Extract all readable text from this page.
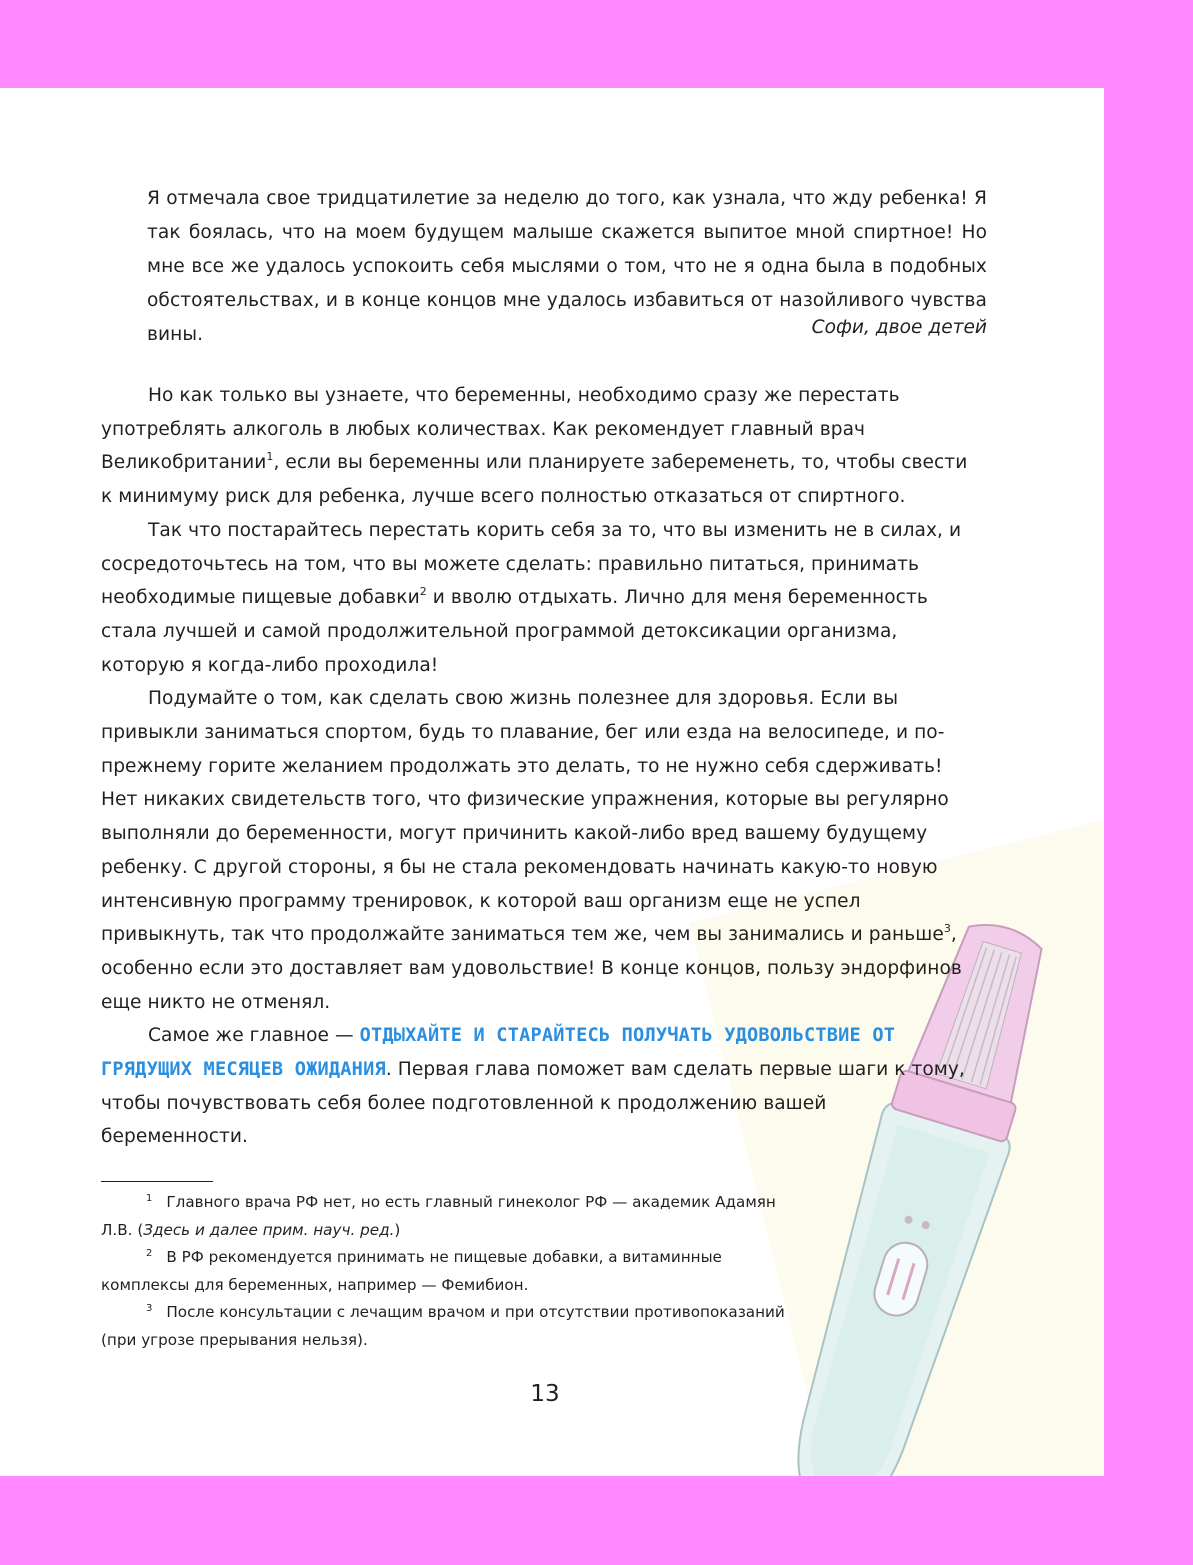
Я отмечала свое тридцатилетие за неделю до того, как узнала, что жду ребенка! Я так боялась, что на моем будущем малыше скажется выпитое мной спиртное! Но мне все же удалось успокоить себя мыслями о том, что не я одна была в подобных обстоятельствах, и в конце концов мне удалось избавиться от назойливого чувства вины.	Софи, двое детей

Но как только вы узнаете, что беременны, необходимо сразу же перестать употреблять алкоголь в любых количествах. Как рекомендует главный врач Великобритании$^1$, если вы беременны или планируете забеременеть, то, чтобы свести к минимуму риск для ребенка, лучше всего полностью отказаться от спиртного.

Так что постарайтесь перестать корить себя за то, что вы изменить не в силах, и сосредоточьтесь на том, что вы можете сделать: правильно питаться, принимать необходимые пищевые добавки$^2$ и вволю отдыхать. Лично для меня беременность стала лучшей и самой продолжительной программой детоксикации организма, которую я когда-либо проходила!

Подумайте о том, как сделать свою жизнь полезнее для здоровья. Если вы привыкли заниматься спортом, будь то плавание, бег или езда на велосипеде, и по-прежнему горите желанием продолжать это делать, то не нужно себя сдерживать! Нет никаких свидетельств того, что физические упражнения, которые вы регулярно выполняли до беременности, могут причинить какой-либо вред вашему будущему ребенку. С другой стороны, я бы не стала рекомендовать начинать какую-то новую интенсивную программу тренировок, к которой ваш организм еще не успел привыкнуть, так что продолжайте заниматься тем же, чем вы занимались и раньше$^3$, особенно если это доставляет вам удовольствие! В конце концов, пользу эндорфинов еще никто не отменял.

Самое же главное — ОТДЫХАЙТЕ И СТАРАЙТЕСЬ ПОЛУЧАТЬ УДОВОЛЬСТВИЕ ОТ ГРЯДУЩИХ МЕСЯЦЕВ ОЖИДАНИЯ. Первая глава поможет вам сделать первые шаги к тому, чтобы почувствовать себя более подготовленной к продолжению вашей беременности.

$^1$ Главного врача РФ нет, но есть главный гинеколог РФ — академик Адамян Л.В. (Здесь и далее прим. науч. ред.)

$^2$ В РФ рекомендуется принимать не пищевые добавки, а витаминные комплексы для беременных, например — Фемибион.

$^3$ После консультации с лечащим врачом и при отсутствии противопоказаний (при угрозе прерывания нельзя).

13
